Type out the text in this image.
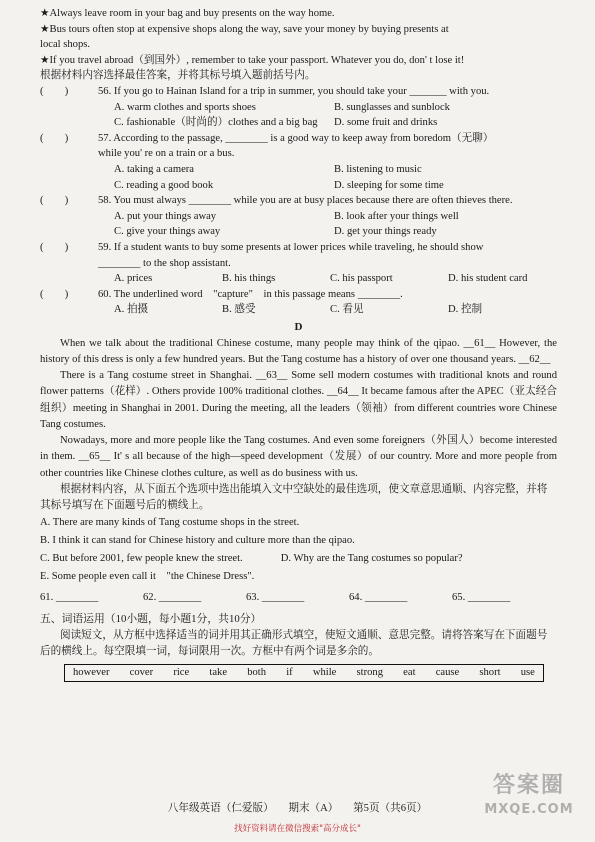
★Always leave room in your bag and buy presents on the way home.
★Bus tours often stop at expensive shops along the way, save your money by buying presents at
local shops.
★If you travel abroad（到国外）, remember to take your passport. Whatever you do, don' t lose it!
根据材料内容选择最佳答案，并将其标号填入题前括号内。
(　　)	56. If you go to Hainan Island for a trip in summer, you should take your _______ with you.
A. warm clothes and sports shoes	B. sunglasses and sunblock
C. fashionable（时尚的）clothes and a big bag	D. some fruit and drinks
(　　)	57. According to the passage, ________ is a good way to keep away from boredom（无聊）
while you' re on a train or a bus.
A. taking a camera	B. listening to music
C. reading a good book	D. sleeping for some time
(　　)	58. You must always ________ while you are at busy places because there are often thieves there.
A. put your things away	B. look after your things well
C. give your things away	D. get your things ready
(　　)	59. If a student wants to buy some presents at lower prices while traveling, he should show
________ to the shop assistant.
A. prices	B. his things	C. his passport	D. his student card
(　　)	60. The underlined word　"capture"　in this passage means ________.
A. 拍摄	B. 感受	C. 看见	D. 控制
D
When we talk about the traditional Chinese costume, many people may think of the qipao. __61__ However, the history of this dress is only a few hundred years. But the Tang costume has a history of over one thousand years. __62__
There is a Tang costume street in Shanghai. __63__ Some sell modern costumes with traditional knots and round flower patterns（花样）. Others provide 100% traditional clothes. __64__ It became famous after the APEC（亚太经合组织）meeting in Shanghai in 2001. During the meeting, all the leaders（领袖）from different countries wore Chinese Tang costumes.
Nowadays, more and more people like the Tang costumes. And even some foreigners（外国人）become interested in them. __65__ It' s all because of the high—speed development（发展）of our country. More and more people from other countries like Chinese clothes culture, as well as do business with us.
根据材料内容，从下面五个选项中选出能填入文中空缺处的最佳选项，使文章意思通顺、内容完整，并将其标号填写在下面题号后的横线上。
A. There are many kinds of Tang costume shops in the street.
B. I think it can stand for Chinese history and culture more than the qipao.
C. But before 2001, few people knew the street.	D. Why are the Tang costumes so popular?
E. Some people even call it　"the Chinese Dress".
61. ________	62. ________	63. ________	64. ________	65. ________
五、词语运用（10小题，每小题1分，共10分）
阅读短文，从方框中选择适当的词并用其正确形式填空，使短文通顺、意思完整。请将答案写在下面题号后的横线上。每空限填一词，每词限用一次。方框中有两个词是多余的。
however cover rice take both if while strong eat cause short use
八年级英语（仁爱版） 期末（A） 第5页（共6页）
找好资料请在微信搜索"高分成长"
答案圈
MXQE.COM
